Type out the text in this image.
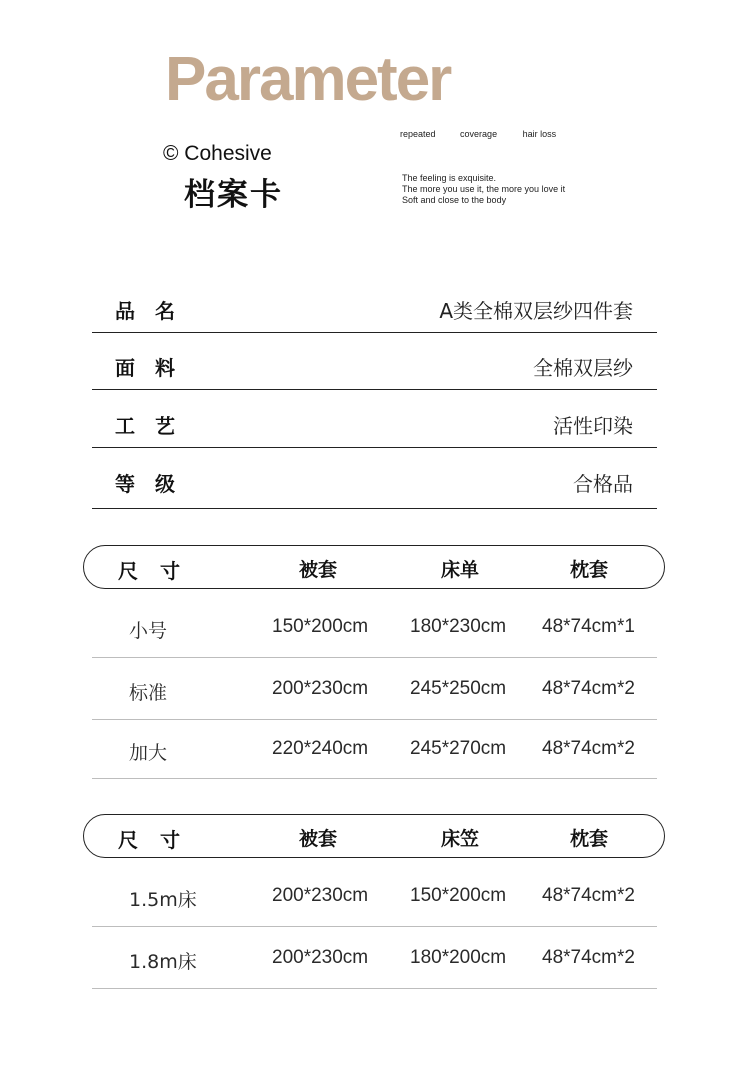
Parameter
© Cohesive
档案卡
repeated	coverage	hair loss
The feeling is exquisite.
The more you use it, the more you love it
Soft and close to the body
品 名	A类全棉双层纱四件套
面 料	全棉双层纱
工 艺	活性印染
等 级	合格品
尺 寸	被套	床单	枕套
小号	150*200cm 180*230cm 48*74cm*1
标准	200*230cm 245*250cm 48*74cm*2
加大	220*240cm 245*270cm 48*74cm*2
尺 寸	被套	床笠	枕套
1.5m床	200*230cm 150*200cm 48*74cm*2
1.8m床	200*230cm 180*200cm 48*74cm*2
